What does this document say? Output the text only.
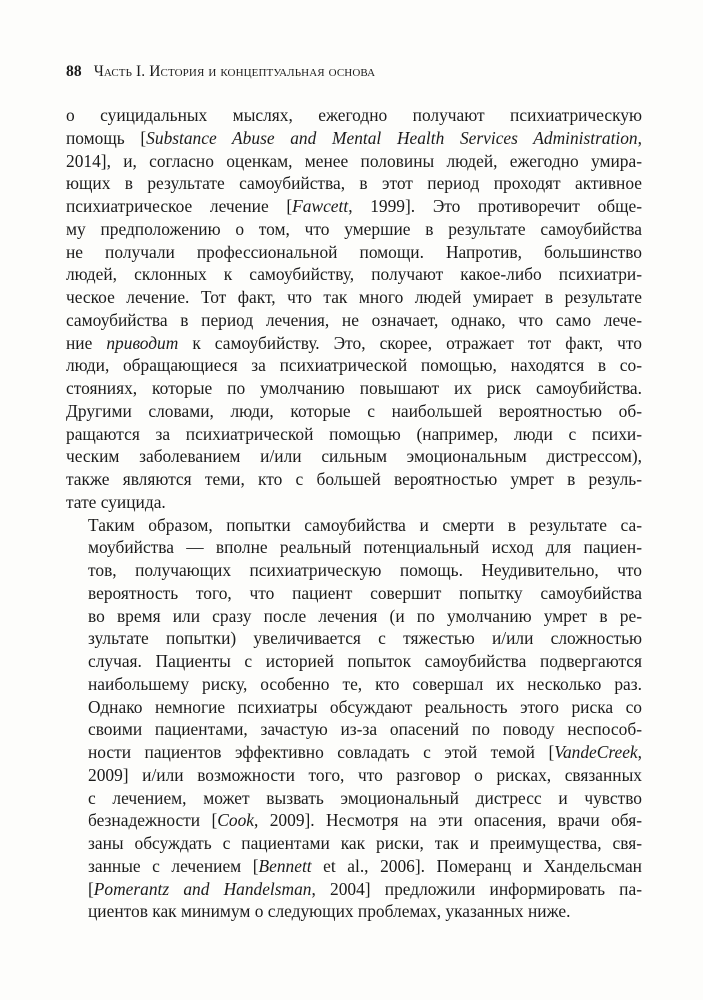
88 Часть I. История и концептуальная основа
о суицидальных мыслях, ежегодно получают психиатрическую
помощь [Substance Abuse and Mental Health Services Administration,
2014], и, согласно оценкам, менее половины людей, ежегодно умира-
ющих в результате самоубийства, в этот период проходят активное
психиатрическое лечение [Fawcett, 1999]. Это противоречит обще-
му предположению о том, что умершие в результате самоубийства
не получали профессиональной помощи. Напротив, большинство
людей, склонных к самоубийству, получают какое-либо психиатри-
ческое лечение. Тот факт, что так много людей умирает в результате
самоубийства в период лечения, не означает, однако, что само лече-
ние приводит к самоубийству. Это, скорее, отражает тот факт, что
люди, обращающиеся за психиатрической помощью, находятся в со-
стояниях, которые по умолчанию повышают их риск самоубийства.
Другими словами, люди, которые с наибольшей вероятностью об-
ращаются за психиатрической помощью (например, люди с психи-
ческим заболеванием и/или сильным эмоциональным дистрессом),
также являются теми, кто с большей вероятностью умрет в резуль-
тате суицида.
Таким образом, попытки самоубийства и смерти в результате са-
моубийства — вполне реальный потенциальный исход для пациен-
тов, получающих психиатрическую помощь. Неудивительно, что
вероятность того, что пациент совершит попытку самоубийства
во время или сразу после лечения (и по умолчанию умрет в ре-
зультате попытки) увеличивается с тяжестью и/или сложностью
случая. Пациенты с историей попыток самоубийства подвергаются
наибольшему риску, особенно те, кто совершал их несколько раз.
Однако немногие психиатры обсуждают реальность этого риска со
своими пациентами, зачастую из-за опасений по поводу неспособ-
ности пациентов эффективно совладать с этой темой [VandeCreek,
2009] и/или возможности того, что разговор о рисках, связанных
с лечением, может вызвать эмоциональный дистресс и чувство
безнадежности [Cook, 2009]. Несмотря на эти опасения, врачи обя-
заны обсуждать с пациентами как риски, так и преимущества, свя-
занные с лечением [Bennett et al., 2006]. Померанц и Хандельсман
[Pomerantz and Handelsman, 2004] предложили информировать па-
циентов как минимум о следующих проблемах, указанных ниже.
